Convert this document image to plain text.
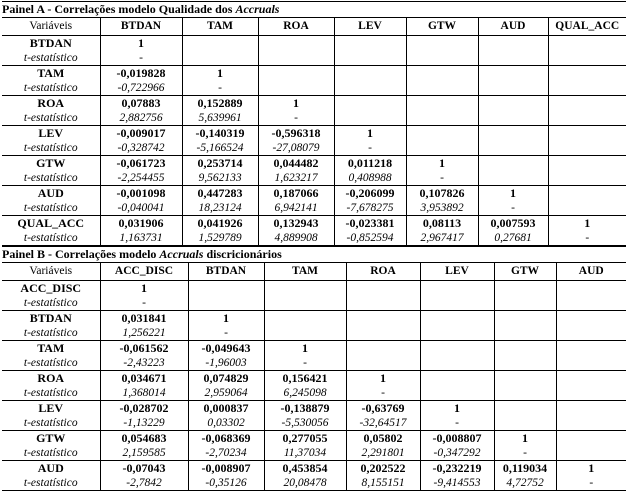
Painel A - Correlações modelo Qualidade dos Accruals
Variáveis	BTDAN	TAM	ROA	LEV	GTW	AUD	QUAL_ACC
BTDAN	1						
t-estatístico	-						
TAM	-0,019828	1					
t-estatístico	-0,722966	-					
ROA	0,07883	0,152889	1				
t-estatístico	2,882756	5,639961	-				
LEV	-0,009017	-0,140319	-0,596318	1			
t-estatístico	-0,328742	-5,166524	-27,08079	-			
GTW	-0,061723	0,253714	0,044482	0,011218	1		
t-estatístico	-2,254455	9,562133	1,623217	0,408988	-		
AUD	-0,001098	0,447283	0,187066	-0,206099	0,107826	1	
t-estatístico	-0,040041	18,23124	6,942141	-7,678275	3,953892	-	
QUAL_ACC	0,031906	0,041926	0,132943	-0,023381	0,08113	0,007593	1
t-estatístico	1,163731	1,529789	4,889908	-0,852594	2,967417	0,27681	-
Painel B - Correlações modelo Accruals discricionários
Variáveis	ACC_DISC	BTDAN	TAM	ROA	LEV	GTW	AUD
ACC_DISC	1						
t-estatístico	-						
BTDAN	0,031841	1					
t-estatístico	1,256221	-					
TAM	-0,061562	-0,049643	1				
t-estatístico	-2,43223	-1,96003	-				
ROA	0,034671	0,074829	0,156421	1			
t-estatístico	1,368014	2,959064	6,245098	-			
LEV	-0,028702	0,000837	-0,138879	-0,63769	1		
t-estatístico	-1,13229	0,03302	-5,530056	-32,64517	-		
GTW	0,054683	-0,068369	0,277055	0,05802	-0,008807	1	
t-estatístico	2,159585	-2,70234	11,37034	2,291801	-0,347292	-	
AUD	-0,07043	-0,008907	0,453854	0,202522	-0,232219	0,119034	1
t-estatístico	-2,7842	-0,35126	20,08478	8,155151	-9,414553	4,72752	-
